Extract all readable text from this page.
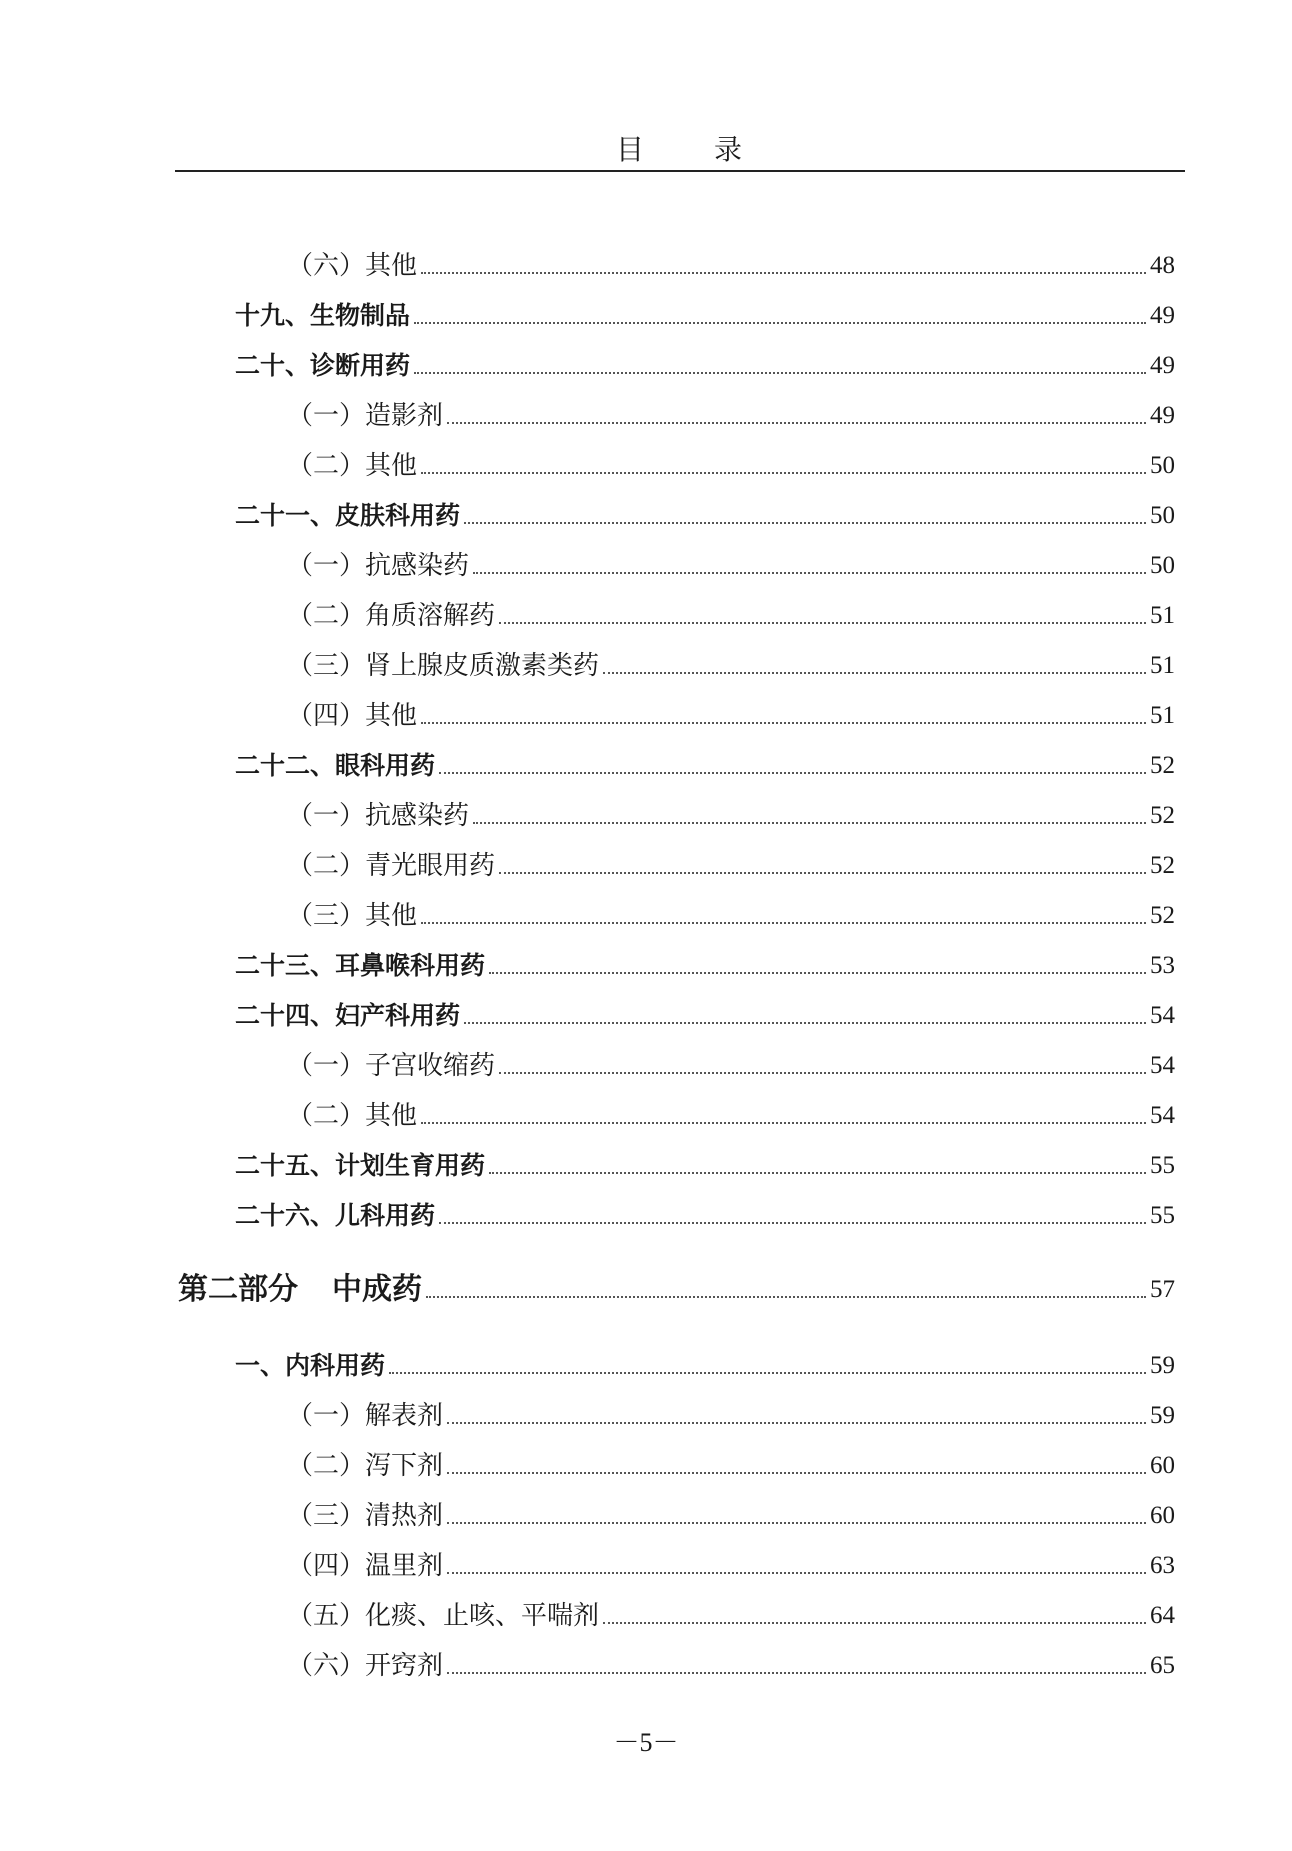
目 录
（六）其他	48
十九、生物制品	49
二十、诊断用药	49
（一）造影剂	49
（二）其他	50
二十一、皮肤科用药	50
（一）抗感染药	50
（二）角质溶解药	51
（三）肾上腺皮质激素类药	51
（四）其他	51
二十二、眼科用药	52
（一）抗感染药	52
（二）青光眼用药	52
（三）其他	52
二十三、耳鼻喉科用药	53
二十四、妇产科用药	54
（一）子宫收缩药	54
（二）其他	54
二十五、计划生育用药	55
二十六、儿科用药	55
第二部分 中成药	57
一、内科用药	59
（一）解表剂	59
（二）泻下剂	60
（三）清热剂	60
（四）温里剂	63
（五）化痰、止咳、平喘剂	64
（六）开窍剂	65
－5－
